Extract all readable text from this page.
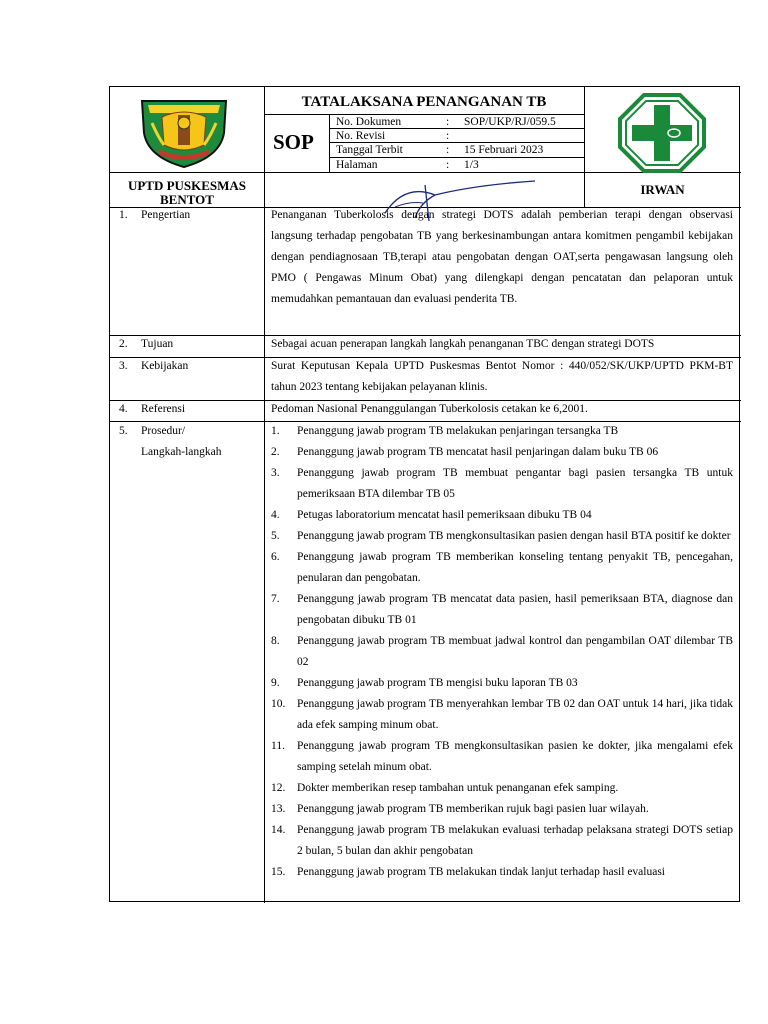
TATALAKSANA PENANGANAN TB
SOP
No. Dokumen	: SOP/UKP/RJ/059.5
No. Revisi	:
Tanggal Terbit	: 15 Februari 2023
Halaman	: 1/3
UPTD PUSKESMAS
BENTOT
IRWAN
1. Pengertian	Penanganan Tuberkolosis dengan strategi DOTS adalah pemberian terapi dengan observasi langsung terhadap pengobatan TB yang berkesinambungan antara komitmen pengambil kebijakan dengan pendiagnosaan TB,terapi atau pengobatan dengan OAT,serta pengawasan langsung oleh PMO ( Pengawas Minum Obat) yang dilengkapi dengan pencatatan dan pelaporan untuk memudahkan pemantauan dan evaluasi penderita TB.
2. Tujuan	Sebagai acuan penerapan langkah langkah penanganan TBC dengan strategi DOTS
3. Kebijakan	Surat Keputusan Kepala UPTD Puskesmas Bentot Nomor : 440/052/SK/UKP/UPTD PKM-BT tahun 2023 tentang kebijakan pelayanan klinis.
4. Referensi	Pedoman Nasional Penanggulangan Tuberkolosis cetakan ke 6,2001.
5. Prosedur/
Langkah-langkah
1. Penanggung jawab program TB melakukan penjaringan tersangka TB
2. Penanggung jawab program TB mencatat hasil penjaringan dalam buku TB 06
3. Penanggung jawab program TB membuat pengantar bagi pasien tersangka TB untuk pemeriksaan BTA dilembar TB 05
4. Petugas laboratorium mencatat hasil pemeriksaan dibuku TB 04
5. Penanggung jawab program TB mengkonsultasikan pasien dengan hasil BTA positif ke dokter
6. Penanggung jawab program TB memberikan konseling tentang penyakit TB, pencegahan, penularan dan pengobatan.
7. Penanggung jawab program TB mencatat data pasien, hasil pemeriksaan BTA, diagnose dan pengobatan dibuku TB 01
8. Penanggung jawab program TB membuat jadwal kontrol dan pengambilan OAT dilembar TB 02
9. Penanggung jawab program TB mengisi buku laporan TB 03
10. Penanggung jawab program TB menyerahkan lembar TB 02 dan OAT untuk 14 hari, jika tidak ada efek samping minum obat.
11. Penanggung jawab program TB mengkonsultasikan pasien ke dokter, jika mengalami efek samping setelah minum obat.
12. Dokter memberikan resep tambahan untuk penanganan efek samping.
13. Penanggung jawab program TB memberikan rujuk bagi pasien luar wilayah.
14. Penanggung jawab program TB melakukan evaluasi terhadap pelaksana strategi DOTS setiap 2 bulan, 5 bulan dan akhir pengobatan
15. Penanggung jawab program TB melakukan tindak lanjut terhadap hasil evaluasi
